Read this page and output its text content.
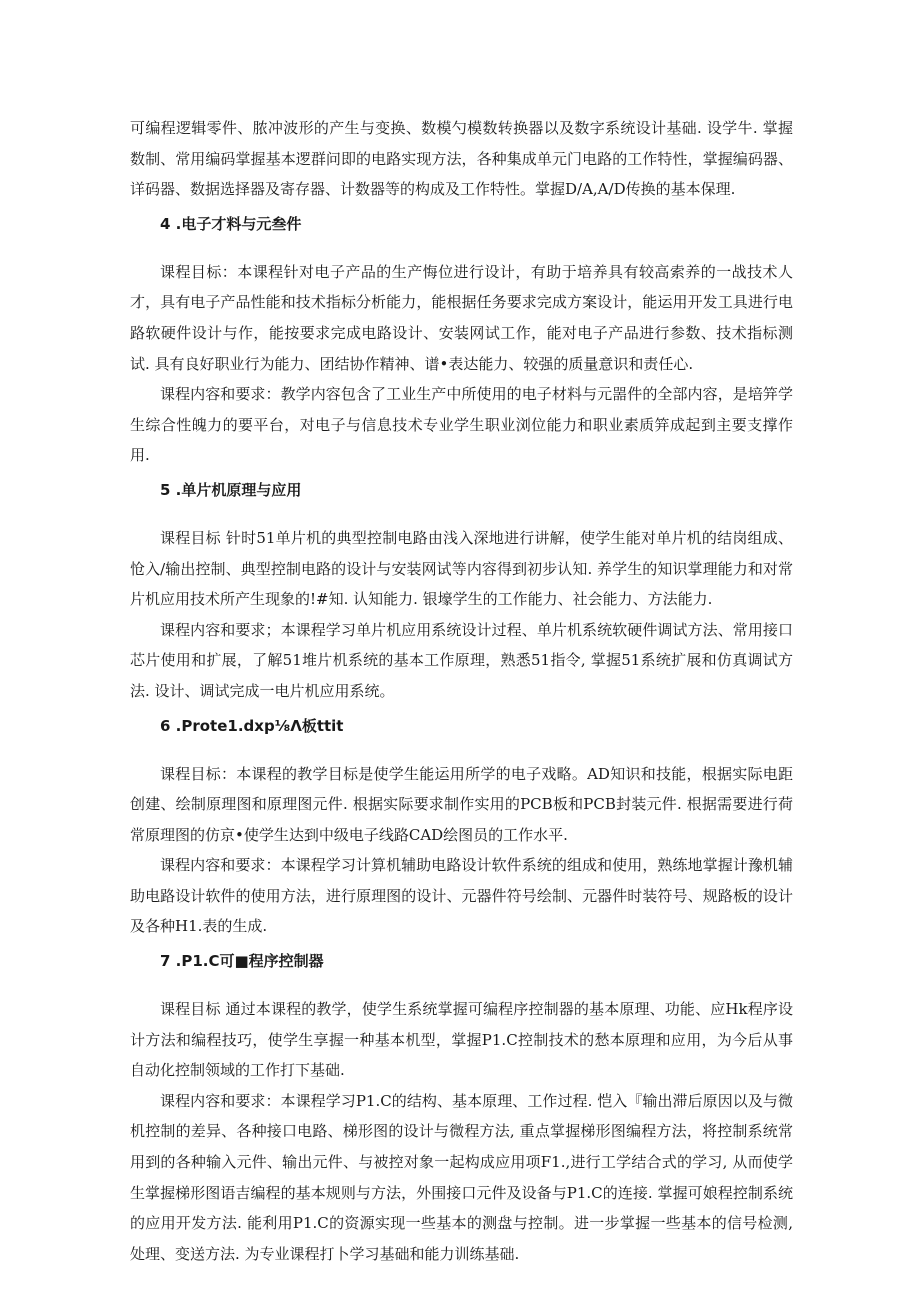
可编程逻辑零件、脓冲波形的产生与变换、数模勺模数转换器以及数字系统设计基础. 设学牛. 掌握数制、常用编码掌握基本逻群问即的电路实现方法，各种集成单元门电路的工作特性，掌握编码器、详码器、数据选择器及寄存器、计数器等的构成及工作特性。掌握D/A,A/D传换的基本保理.

4 .电子才料与元叁件

课程目标：本课程针对电子产品的生产悔位进行设计，有助于培养具有较高索养的一战技术人才，具有电子产品性能和技术指标分析能力，能根据任务要求完成方案设计，能运用开发工具进行电路软硬件设计与作，能按要求完成电路设计、安装网试工作，能对电子产品进行参数、技术指标测试. 具有良好职业行为能力、团结协作精神、谱•表达能力、较强的质量意识和责任心.

课程内容和要求：教学内容包含了工业生产中所使用的电子材料与元噐件的全部内容，是培笄学生综合性魄力的要平台，对电子与信息技术专业学生职业浏位能力和职业素质笄成起到主要支撑作用.

5 .单片机原理与应用

课程目标 针时51单片机的典型控制电路由浅入深地进行讲解，使学生能对单片机的结岗组成、怆入/输出控制、典型控制电路的设计与安装网试等内容得到初步认知. 养学生的知识掌理能力和对常片机应用技术所产生现象的!#知. 认知能力. 银壕学生的工作能力、社会能力、方法能力.

课程内容和要求；本课程学习单片机应用系统设计过程、单片机系统软硬件调试方法、常用接口芯片使用和扩展，了解51堆片机系统的基本工作原理，熟悉51指令, 掌握51系统扩展和仿真调试方法. 设计、调试完成一电片机应用系统。

6 .Prote1.dxp⅛Λ板ttit

课程目标：本课程的教学目标是使学生能运用所学的电子戏略。AD知识和技能，根据实际电距创建、绘制原理图和原理图元件. 根据实际要求制作实用的PCB板和PCB封装元件. 根据需要进行荷常原理图的仿京•使学生达到中级电子线路CAD绘图员的工作水平.

课程内容和要求：本课程学习计算机辅助电路设计软件系统的组成和使用，熟练地掌握计豫机辅助电路设计软件的使用方法，进行原理图的设计、元器件符号绘制、元器件时装符号、规路板的设计及各种H1.表的生成.

7 .P1.C可■程序控制器

课程目标 通过本课程的教学，使学生系统掌握可编程序控制器的基本原理、功能、应Hk程序设计方法和编程技巧，使学生享握一种基本机型，掌握P1.C控制技术的愁本原理和应用，为今后从事自动化控制领域的工作打下基础.

课程内容和要求：本课程学习P1.C的结构、基本原理、工作过程. 恺入『输出滞后原因以及与微机控制的差异、各种接口电路、梯形图的设计与微程方法, 重点掌握梯形图编程方法，将控制系统常用到的各种输入元件、输出元件、与被控对象一起构成应用项F1.,进行工学结合式的学习, 从而使学生掌握梯形图语吉编程的基本规则与方法，外围接口元件及设备与P1.C的连接. 掌握可娘程控制系统的应用开发方法. 能利用P1.C的资源实现一些基本的测盘与控制。进一步掌握一些基本的信号检测, 处理、变送方法. 为专业课程打卜学习基础和能力训练基础.
